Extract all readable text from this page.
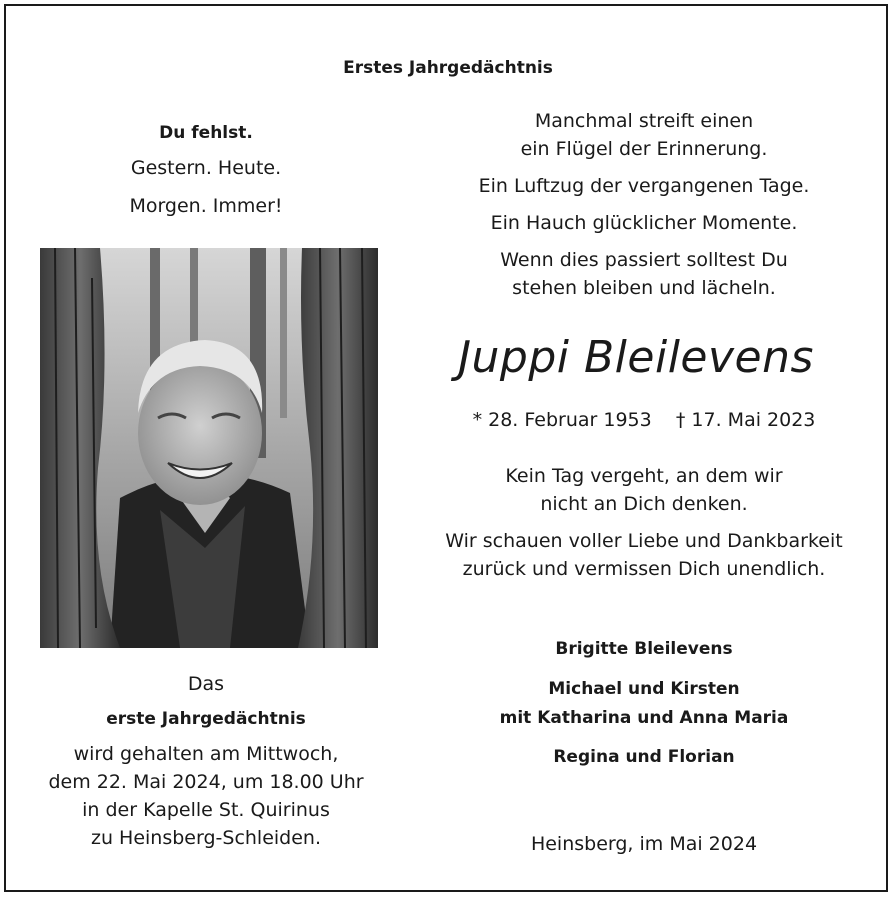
Erstes Jahrgedächtnis
Du fehlst.
Gestern. Heute.
Morgen. Immer!
Das
erste Jahrgedächtnis
wird gehalten am Mittwoch,
dem 22. Mai 2024, um 18.00 Uhr
in der Kapelle St. Quirinus
zu Heinsberg-Schleiden.
Manchmal streift einen
ein Flügel der Erinnerung.
Ein Luftzug der vergangenen Tage.
Ein Hauch glücklicher Momente.
Wenn dies passiert solltest Du
stehen bleiben und lächeln.
Juppi Bleilevens
* 28. Februar 1953    † 17. Mai 2023
Kein Tag vergeht, an dem wir
nicht an Dich denken.
Wir schauen voller Liebe und Dankbarkeit
zurück und vermissen Dich unendlich.
Brigitte Bleilevens
Michael und Kirsten
mit Katharina und Anna Maria
Regina und Florian
Heinsberg, im Mai 2024
